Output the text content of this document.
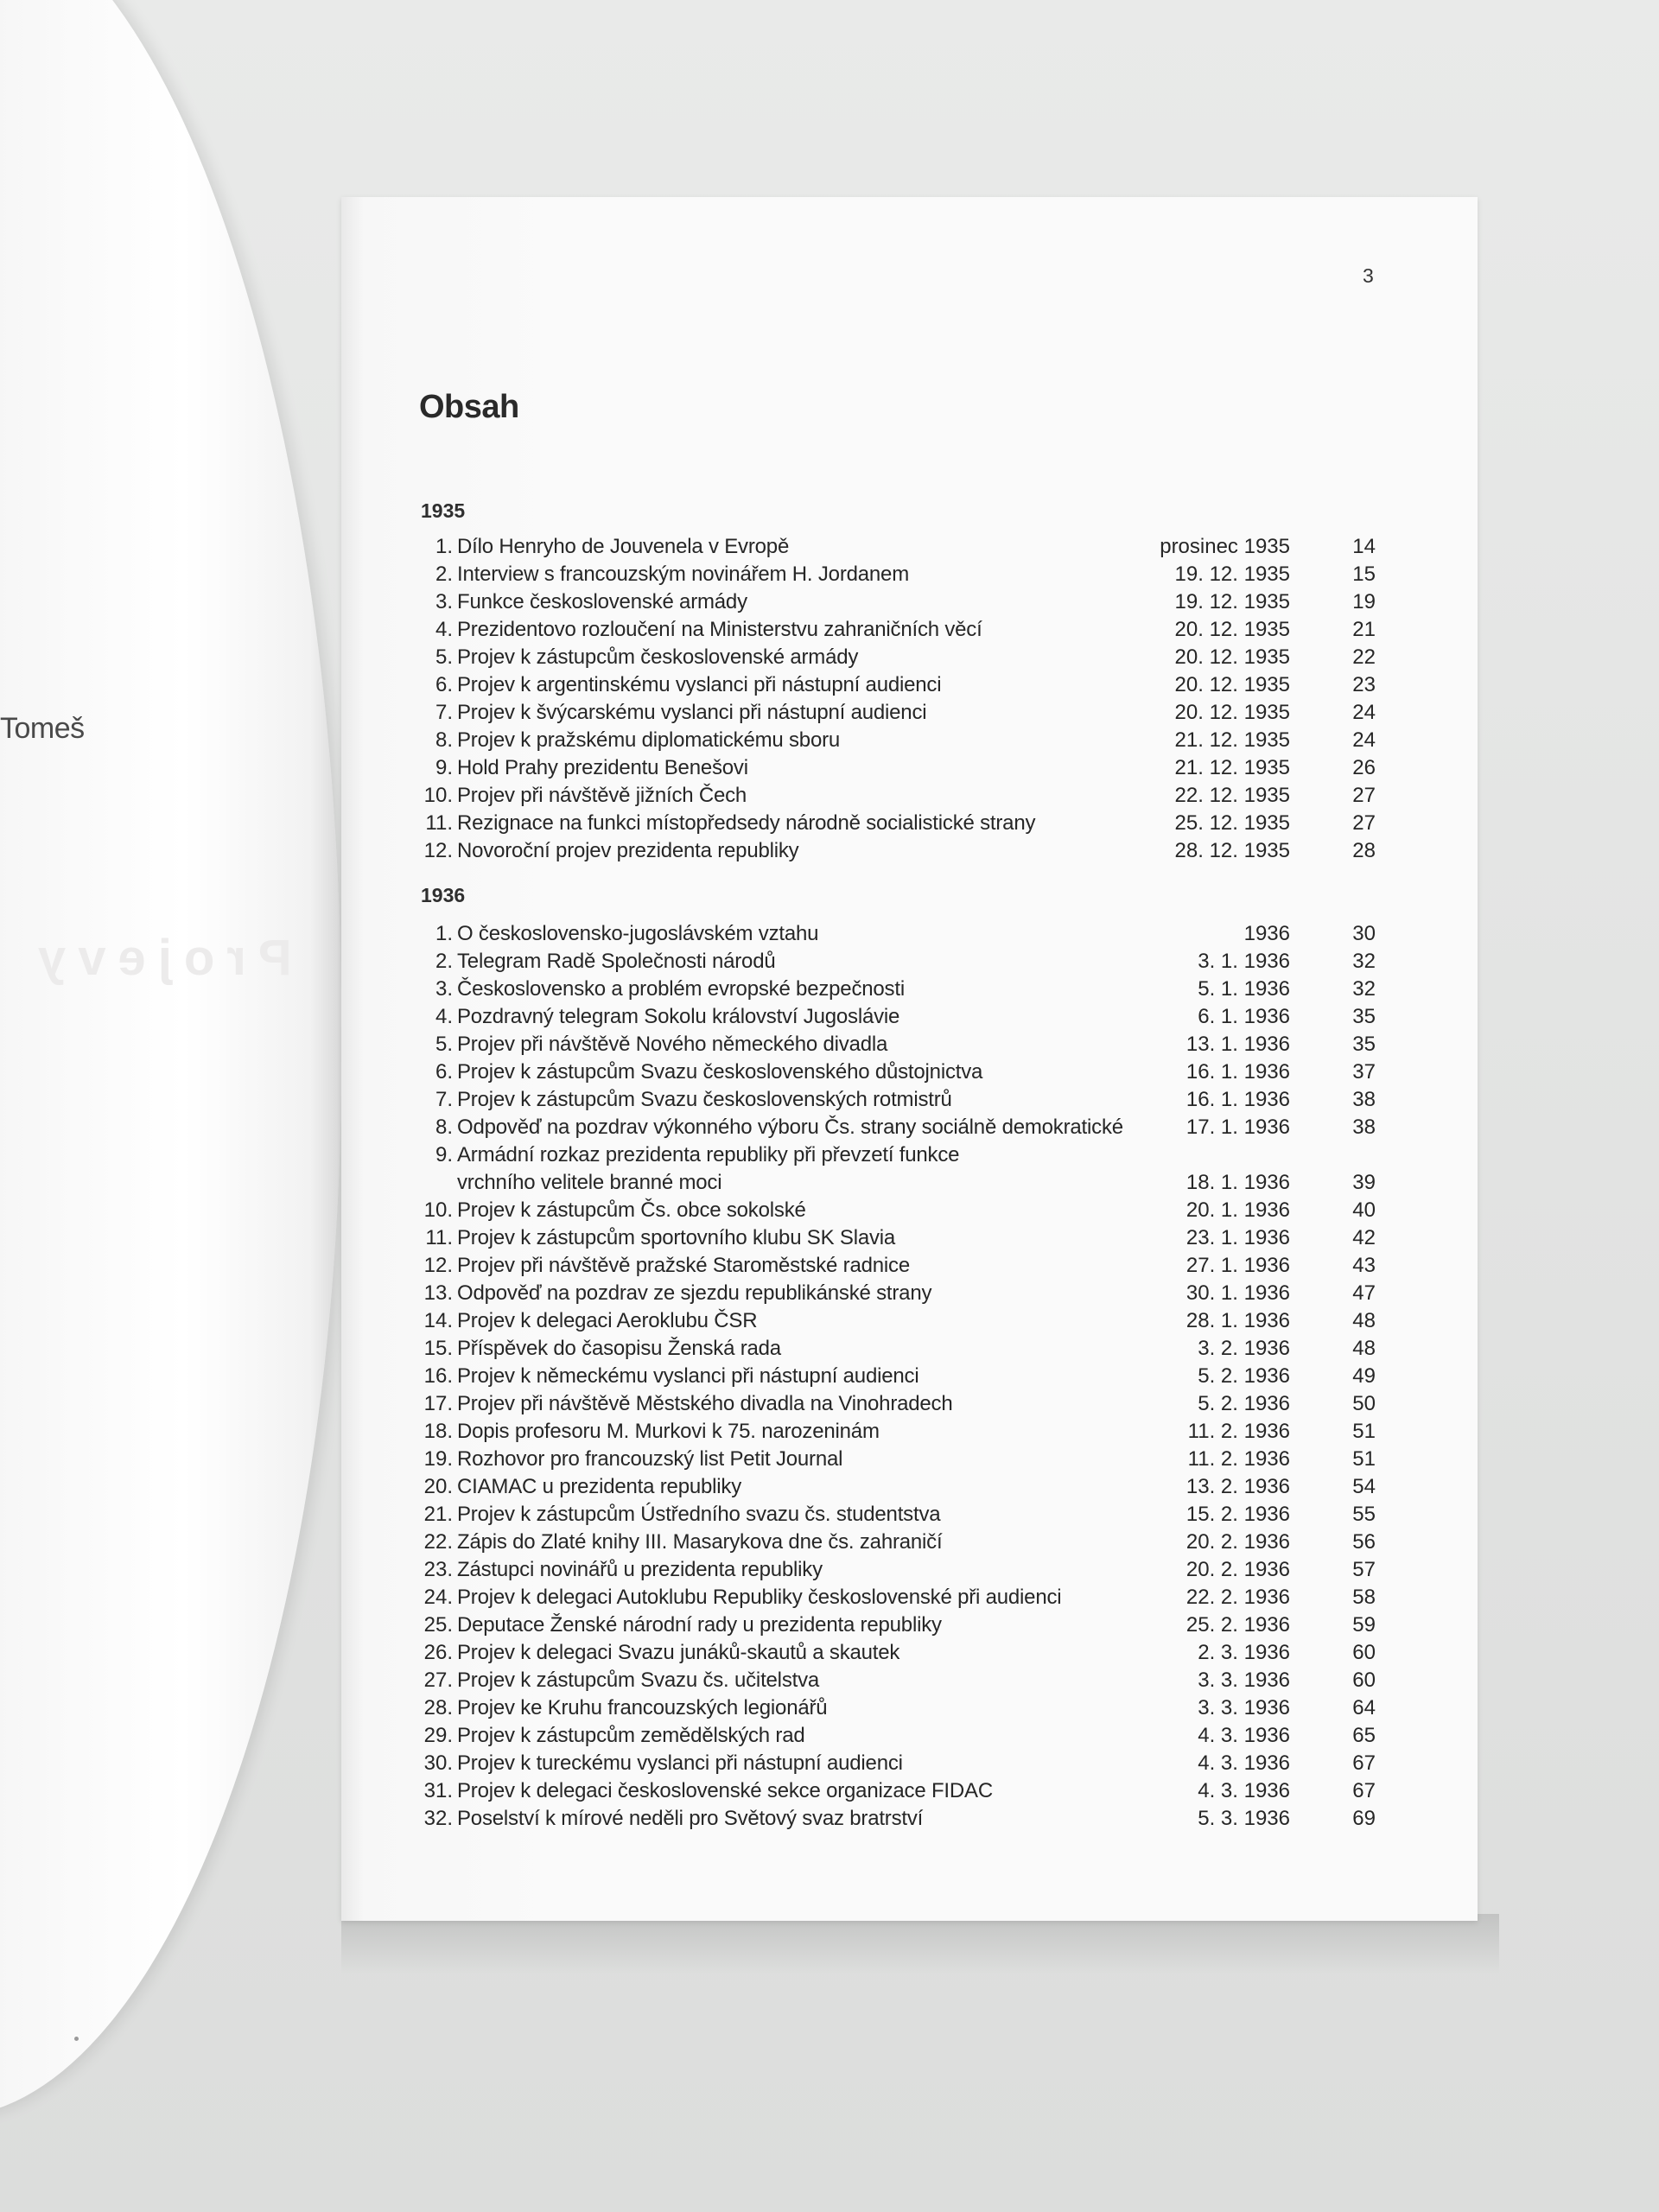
Tomeš
Projevy
3
Obsah
1935
1. Dílo Henryho de Jouvenela v Evropě	prosinec 1935	14
2. Interview s francouzským novinářem H. Jordanem	19. 12. 1935	15
3. Funkce československé armády	19. 12. 1935	19
4. Prezidentovo rozloučení na Ministerstvu zahraničních věcí	20. 12. 1935	21
5. Projev k zástupcům československé armády	20. 12. 1935	22
6. Projev k argentinskému vyslanci při nástupní audienci	20. 12. 1935	23
7. Projev k švýcarskému vyslanci při nástupní audienci	20. 12. 1935	24
8. Projev k pražskému diplomatickému sboru	21. 12. 1935	24
9. Hold Prahy prezidentu Benešovi	21. 12. 1935	26
10. Projev při návštěvě jižních Čech	22. 12. 1935	27
11. Rezignace na funkci místopředsedy národně socialistické strany	25. 12. 1935	27
12. Novoroční projev prezidenta republiky	28. 12. 1935	28
1936
1. O československo-jugoslávském vztahu	1936	30
2. Telegram Radě Společnosti národů	3. 1. 1936	32
3. Československo a problém evropské bezpečnosti	5. 1. 1936	32
4. Pozdravný telegram Sokolu království Jugoslávie	6. 1. 1936	35
5. Projev při návštěvě Nového německého divadla	13. 1. 1936	35
6. Projev k zástupcům Svazu československého důstojnictva	16. 1. 1936	37
7. Projev k zástupcům Svazu československých rotmistrů	16. 1. 1936	38
8. Odpověď na pozdrav výkonného výboru Čs. strany sociálně demokratické	17. 1. 1936	38
9. Armádní rozkaz prezidenta republiky při převzetí funkce
vrchního velitele branné moci	18. 1. 1936	39
10. Projev k zástupcům Čs. obce sokolské	20. 1. 1936	40
11. Projev k zástupcům sportovního klubu SK Slavia	23. 1. 1936	42
12. Projev při návštěvě pražské Staroměstské radnice	27. 1. 1936	43
13. Odpověď na pozdrav ze sjezdu republikánské strany	30. 1. 1936	47
14. Projev k delegaci Aeroklubu ČSR	28. 1. 1936	48
15. Příspěvek do časopisu Ženská rada	3. 2. 1936	48
16. Projev k německému vyslanci při nástupní audienci	5. 2. 1936	49
17. Projev při návštěvě Městského divadla na Vinohradech	5. 2. 1936	50
18. Dopis profesoru M. Murkovi k 75. narozeninám	11. 2. 1936	51
19. Rozhovor pro francouzský list Petit Journal	11. 2. 1936	51
20. CIAMAC u prezidenta republiky	13. 2. 1936	54
21. Projev k zástupcům Ústředního svazu čs. studentstva	15. 2. 1936	55
22. Zápis do Zlaté knihy III. Masarykova dne čs. zahraničí	20. 2. 1936	56
23. Zástupci novinářů u prezidenta republiky	20. 2. 1936	57
24. Projev k delegaci Autoklubu Republiky československé při audienci	22. 2. 1936	58
25. Deputace Ženské národní rady u prezidenta republiky	25. 2. 1936	59
26. Projev k delegaci Svazu junáků-skautů a skautek	2. 3. 1936	60
27. Projev k zástupcům Svazu čs. učitelstva	3. 3. 1936	60
28. Projev ke Kruhu francouzských legionářů	3. 3. 1936	64
29. Projev k zástupcům zemědělských rad	4. 3. 1936	65
30. Projev k tureckému vyslanci při nástupní audienci	4. 3. 1936	67
31. Projev k delegaci československé sekce organizace FIDAC	4. 3. 1936	67
32. Poselství k mírové neděli pro Světový svaz bratrství	5. 3. 1936	69
